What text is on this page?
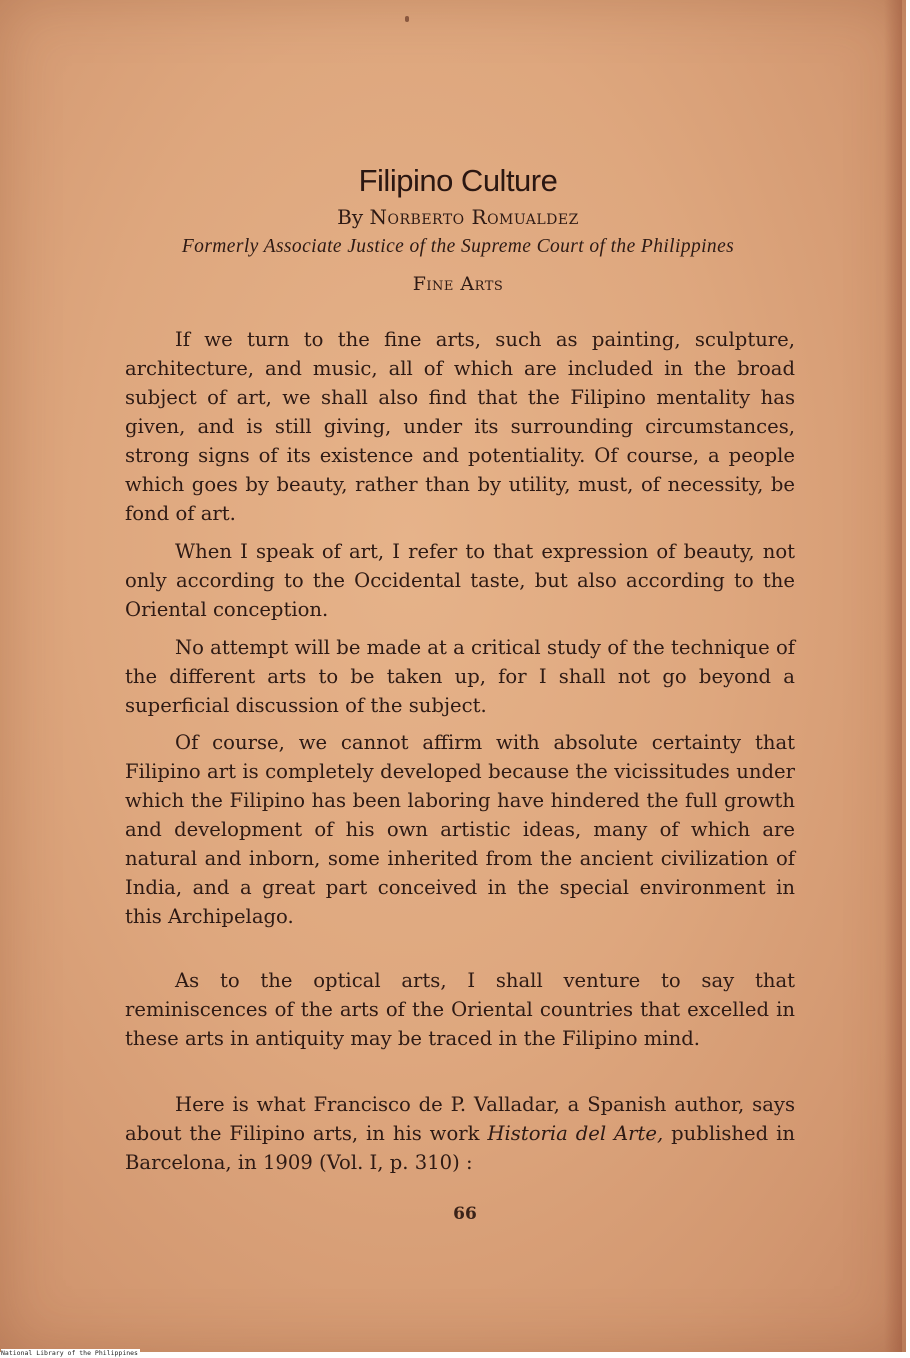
Filipino Culture
By Norberto Romualdez
Formerly Associate Justice of the Supreme Court of the Philippines
Fine Arts

If we turn to the fine arts, such as painting, sculpture, architecture, and music, all of which are included in the broad subject of art, we shall also find that the Filipino mentality has given, and is still giving, under its surrounding circumstances, strong signs of its existence and potentiality. Of course, a people which goes by beauty, rather than by utility, must, of necessity, be fond of art.

When I speak of art, I refer to that expression of beauty, not only according to the Occidental taste, but also according to the Oriental conception.

No attempt will be made at a critical study of the technique of the different arts to be taken up, for I shall not go beyond a superficial discussion of the subject.

Of course, we cannot affirm with absolute certainty that Filipino art is completely developed because the vicissitudes under which the Filipino has been laboring have hindered the full growth and development of his own artistic ideas, many of which are natural and inborn, some inherited from the ancient civilization of India, and a great part conceived in the special environment in this Archipelago.

As to the optical arts, I shall venture to say that reminiscences of the arts of the Oriental countries that excelled in these arts in antiquity may be traced in the Filipino mind.

Here is what Francisco de P. Valladar, a Spanish author, says about the Filipino arts, in his work Historia del Arte, published in Barcelona, in 1909 (Vol. I, p. 310) :

66
National Library of the Philippines
